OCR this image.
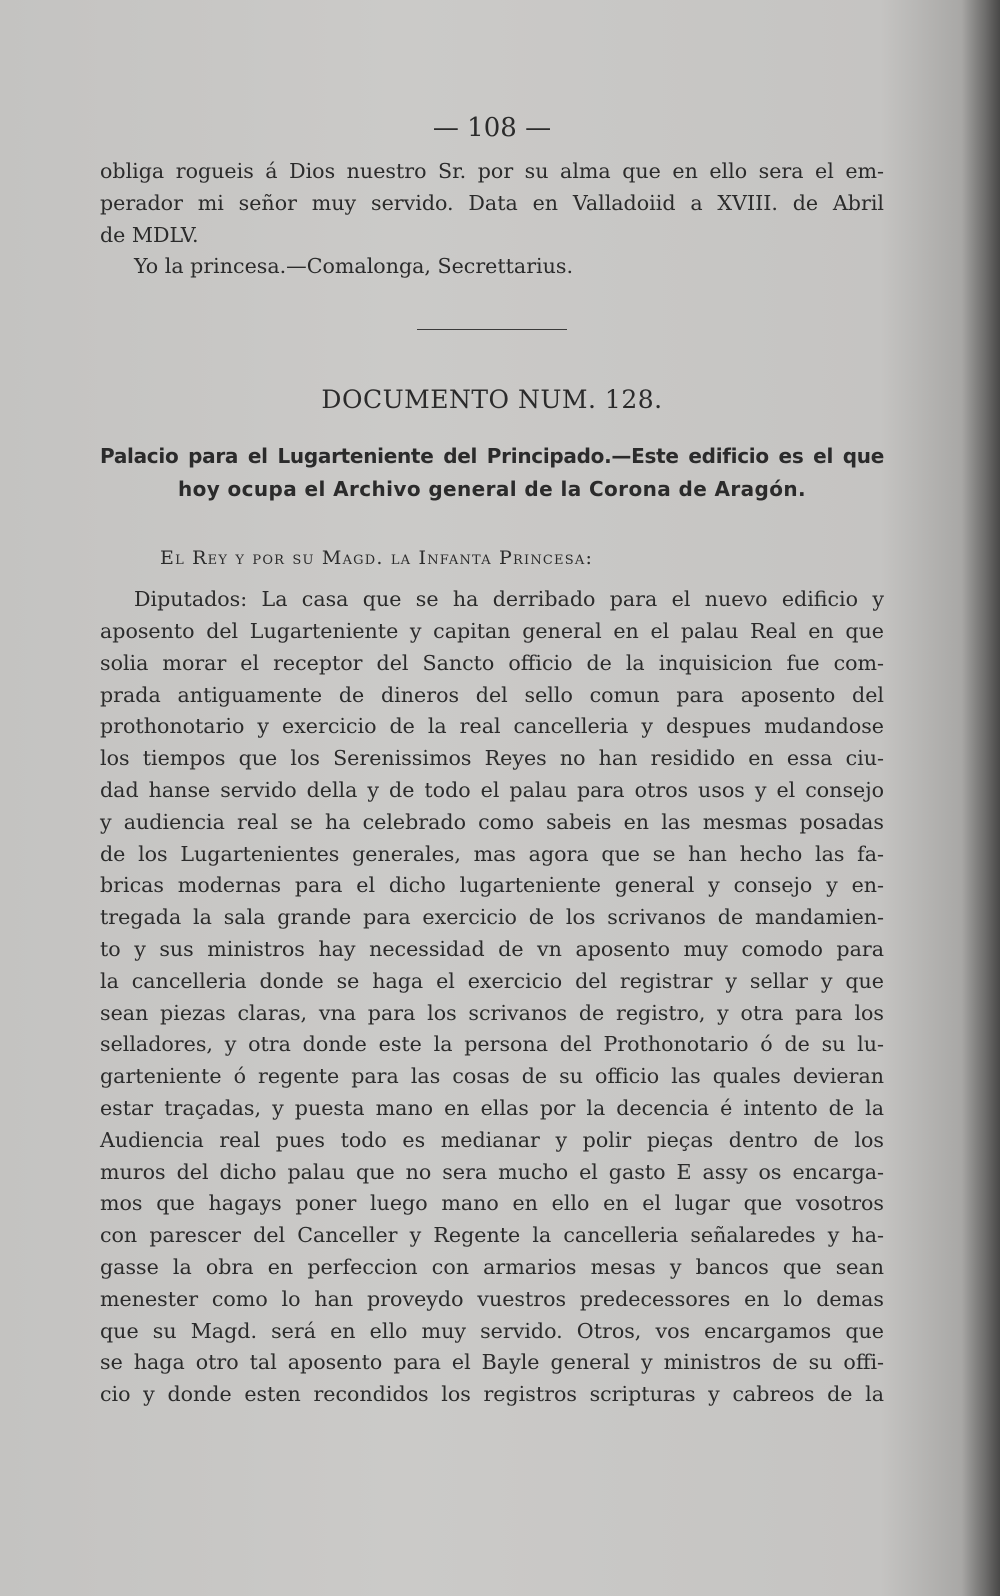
— 108 —
obliga rogueis á Dios nuestro Sr. por su alma que en ello sera el em-
perador mi señor muy servido. Data en Valladoiid a XVIII. de Abril
de MDLV.
Yo la princesa.—Comalonga, Secrettarius.
DOCUMENTO NUM. 128.
Palacio para el Lugarteniente del Principado.—Este edificio es el que
hoy ocupa el Archivo general de la Corona de Aragón.
El Rey y por su Magd. la Infanta Princesa:
Diputados: La casa que se ha derribado para el nuevo edificio y
aposento del Lugarteniente y capitan general en el palau Real en que
solia morar el receptor del Sancto officio de la inquisicion fue com-
prada antiguamente de dineros del sello comun para aposento del
prothonotario y exercicio de la real cancelleria y despues mudandose
los tiempos que los Serenissimos Reyes no han residido en essa ciu-
dad hanse servido della y de todo el palau para otros usos y el consejo
y audiencia real se ha celebrado como sabeis en las mesmas posadas
de los Lugartenientes generales, mas agora que se han hecho las fa-
bricas modernas para el dicho lugarteniente general y consejo y en-
tregada la sala grande para exercicio de los scrivanos de mandamien-
to y sus ministros hay necessidad de vn aposento muy comodo para
la cancelleria donde se haga el exercicio del registrar y sellar y que
sean piezas claras, vna para los scrivanos de registro, y otra para los
selladores, y otra donde este la persona del Prothonotario ó de su lu-
garteniente ó regente para las cosas de su officio las quales devieran
estar traçadas, y puesta mano en ellas por la decencia é intento de la
Audiencia real pues todo es medianar y polir pieças dentro de los
muros del dicho palau que no sera mucho el gasto E assy os encarga-
mos que hagays poner luego mano en ello en el lugar que vosotros
con parescer del Canceller y Regente la cancelleria señalaredes y ha-
gasse la obra en perfeccion con armarios mesas y bancos que sean
menester como lo han proveydo vuestros predecessores en lo demas
que su Magd. será en ello muy servido. Otros, vos encargamos que
se haga otro tal aposento para el Bayle general y ministros de su offi-
cio y donde esten recondidos los registros scripturas y cabreos de la
